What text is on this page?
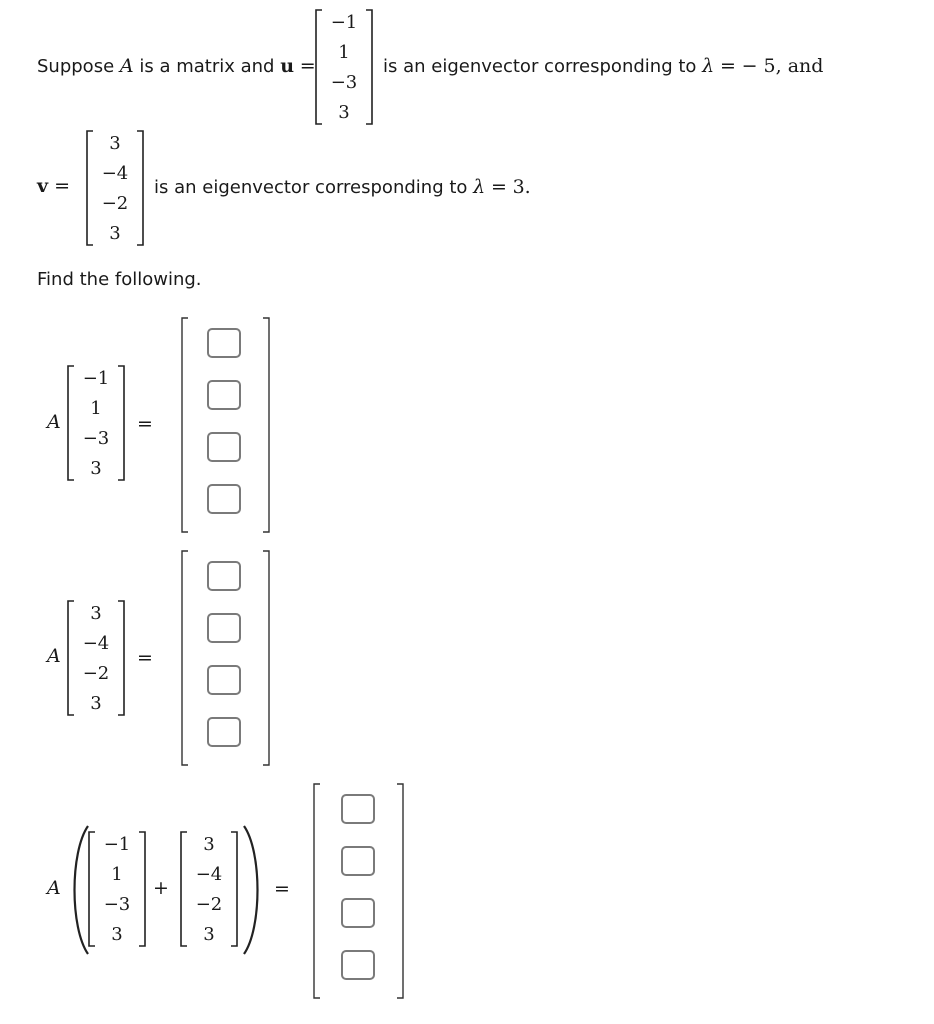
Suppose A is a matrix and u =
−1
1
−3
3
is an eigenvector corresponding to λ = − 5, and
v =
3
−4
−2
3
is an eigenvector corresponding to λ = 3.
Find the following.
A
−1
1
−3
3
=
A
3
−4
−2
3
=
A
−1
1
−3
3
+
3
−4
−2
3
=
